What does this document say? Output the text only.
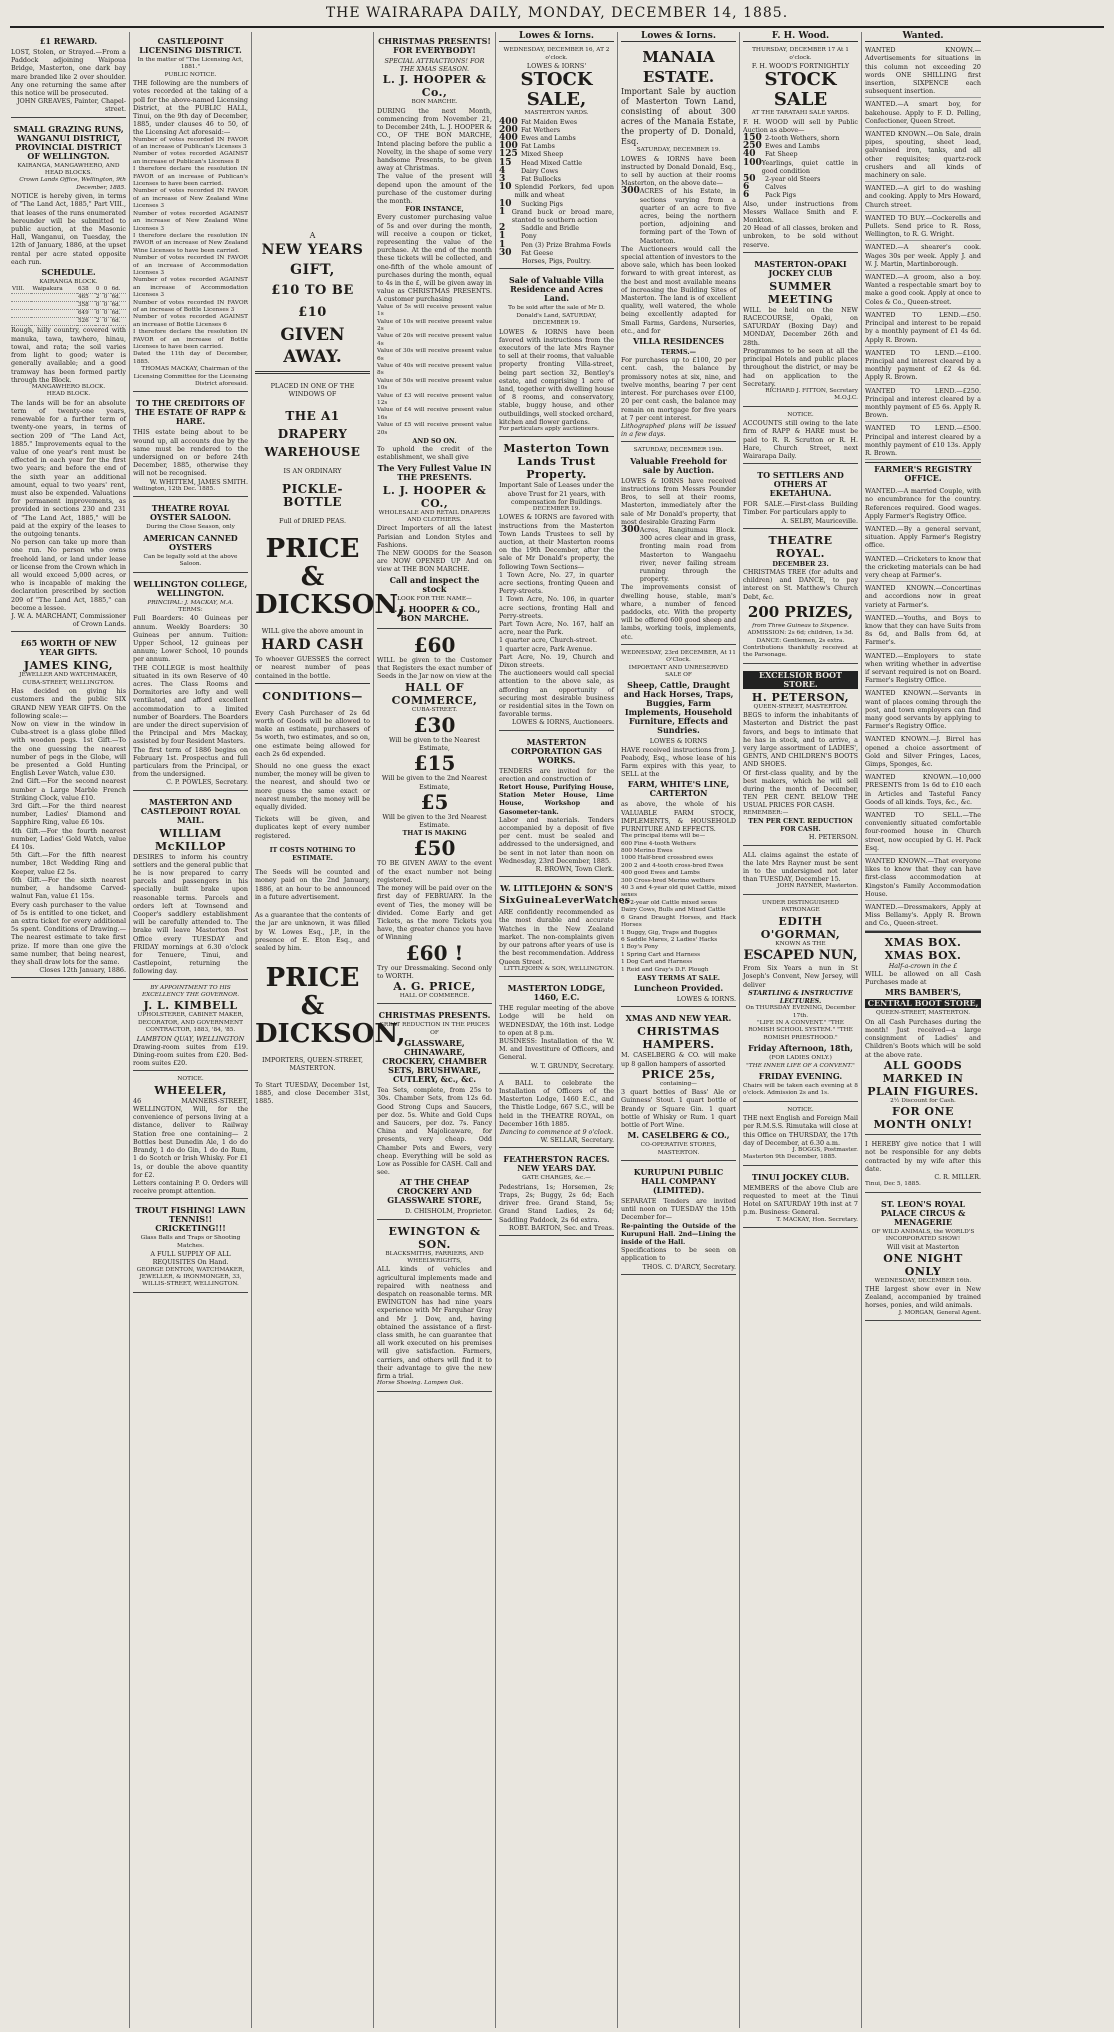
THE WAIRARAPA DAILY, MONDAY, DECEMBER 14, 1885.
£1 REWARD.
LOST, Stolen, or Strayed.—From a Paddock adjoining Waipoua Bridge, Masterton, one dark bay mare branded like 2 over shoulder. Any one returning the same after this notice will be prosecuted.
JOHN GREAVES, Painter, Chapel-street.
SMALL GRAZING RUNS, WANGANUI DISTRICT, PROVINCIAL DISTRICT OF WELLINGTON.
KAIRANGA, MANGAWHERO, AND HEAD BLOCKS.
Crown Lands Office, Wellington, 9th December, 1885.
NOTICE is hereby given, in terms of "The Land Act, 1885," Part VIII., that leases of the runs enumerated hereunder will be submitted to public auction, at the Masonic Hall, Wanganui, on Tuesday, the 12th of January, 1886, at the upset rental per acre stated opposite each run.
SCHEDULE.
KAIRANGA BLOCK.
VIII.	Waipakura	638	0	0	6d.
		465	2	0	6d.
		358	0	0	6d.
		649	0	0	6d.
		526	2	0	6d.
Rough, hilly country, covered with manuka, tawa, tawhero, hinau, towai, and rata; the soil varies from light to good; water is generally available; and a good tramway has been formed partly through the Block.
MANGAWHERO BLOCK.
HEAD BLOCK.
The lands will be for an absolute term of twenty-one years, renewable for a further term of twenty-one years, in terms of section 209 of "The Land Act, 1885." Improvements equal to the value of one year's rent must be effected in each year for the first two years; and before the end of the sixth year an additional amount, equal to two years' rent, must also be expended. Valuations for permanent improvements, as provided in sections 230 and 231 of "The Land Act, 1885," will be paid at the expiry of the leases to the outgoing tenants.
No person can take up more than one run. No person who owns freehold land, or land under lease or license from the Crown which in all would exceed 5,000 acres, or who is incapable of making the declaration prescribed by section 209 of "The Land Act, 1885," can become a lessee.
J. W. A. MARCHANT, Commissioner of Crown Lands.
£65 WORTH OF NEW YEAR GIFTS.
JAMES KING,
JEWELLER AND WATCHMAKER, CUBA-STREET, WELLINGTON.
Has decided on giving his customers and the public SIX GRAND NEW YEAR GIFTS. On the following scale:—
Now on view in the window in Cuba-street is a glass globe filled with wooden pegs. 1st Gift.—To the one guessing the nearest number of pegs in the Globe, will be presented a Gold Hunting English Lever Watch, value £30.
2nd Gift.—For the second nearest number a Large Marble French Striking Clock, value £10.
3rd Gift.—For the third nearest number, Ladies' Diamond and Sapphire Ring, value £6 10s.
4th Gift.—For the fourth nearest number, Ladies' Gold Watch, value £4 10s.
5th Gift.—For the fifth nearest number, 18ct Wedding Ring and Keeper, value £2 5s.
6th Gift.—For the sixth nearest number, a handsome Carved-walnut Fan, value £1 15s.
Every cash purchaser to the value of 5s is entitled to one ticket, and an extra ticket for every additional 5s spent. Conditions of Drawing.—The nearest estimate to take first prize. If more than one give the same number, that being nearest, they shall draw lots for the same.
Closes 12th January, 1886.
CASTLEPOINT LICENSING DISTRICT.
In the matter of "The Licensing Act, 1881."
PUBLIC NOTICE.
THE following are the numbers of votes recorded at the taking of a poll for the above-named Licensing District, at the PUBLIC HALL, Tinui, on the 9th day of December, 1885, under clauses 46 to 50, of the Licensing Act aforesaid:—
Number of votes recorded IN FAVOR of an increase of Publican's Licenses 3
Number of votes recorded AGAINST an increase of Publican's Licenses 8
I therefore declare the resolution IN FAVOR of an increase of Publican's Licenses to have been carried.
Number of votes recorded IN FAVOR of an increase of New Zealand Wine Licenses 3
Number of votes recorded AGAINST an increase of New Zealand Wine Licenses 3
I therefore declare the resolution IN FAVOR of an increase of New Zealand Wine Licenses to have been carried.
Number of votes recorded IN FAVOR of an increase of Accommodation Licenses 3
Number of votes recorded AGAINST an increase of Accommodation Licenses 3
Number of votes recorded IN FAVOR of an increase of Bottle Licenses 3
Number of votes recorded AGAINST an increase of Bottle Licenses 6
I therefore declare the resolution IN FAVOR of an increase of Bottle Licenses to have been carried.
Dated the 11th day of December, 1885.
THOMAS MACKAY, Chairman of the Licensing Committee for the Licensing District aforesaid.
TO THE CREDITORS OF THE ESTATE OF RAPP & HARE.
THIS estate being about to be wound up, all accounts due by the same must be rendered to the undersigned on or before 24th December, 1885, otherwise they will not be recognised.
W. WHITTEM, JAMES SMITH.
Wellington, 12th Dec. 1885.
THEATRE ROYAL OYSTER SALOON.
During the Close Season, only
AMERICAN CANNED OYSTERS
Can be legally sold at the above Saloon.
WELLINGTON COLLEGE, WELLINGTON.
PRINCIPAL: J. MACKAY, M.A.
TERMS:
Full Boarders: 40 Guineas per annum. Weekly Boarders: 30 Guineas per annum. Tuition: Upper School, 12 guineas per annum; Lower School, 10 pounds per annum.
THE COLLEGE is most healthily situated in its own Reserve of 40 acres. The Class Rooms and Dormitories are lofty and well ventilated, and afford excellent accommodation to a limited number of Boarders. The Boarders are under the direct supervision of the Principal and Mrs Mackay, assisted by four Resident Masters.
The first term of 1886 begins on February 1st. Prospectus and full particulars from the Principal, or from the undersigned.
C. P. POWLES, Secretary.
MASTERTON AND CASTLEPOINT ROYAL MAIL.
WILLIAM McKILLOP
DESIRES to inform his country settlers and the general public that he is now prepared to carry parcels and passengers in his specially built brake upon reasonable terms. Parcels and orders left at Townsend and Cooper's saddlery establishment will be carefully attended to. The brake will leave Masterton Post Office every TUESDAY and FRIDAY mornings at 6.30 o'clock for Tenuere, Tinui, and Castlepoint, returning the following day.
BY APPOINTMENT TO HIS EXCELLENCY THE GOVERNOR.
J. L. KIMBELL
UPHOLSTERER, CABINET MAKER, DECORATOR, AND GOVERNMENT CONTRACTOR, 1883, '84, '85.
LAMBTON QUAY, WELLINGTON
Drawing-room suites from £19. Dining-room suites from £20. Bed-room suites £20.
NOTICE.
WHEELER,
46 MANNERS-STREET, WELLINGTON, Will, for the convenience of persons living at a distance, deliver to Railway Station free one containing— 2 Bottles best Dunedin Ale, 1 do do Brandy, 1 do do Gin, 1 do do Rum, 1 do Scotch or Irish Whisky. For £1 1s, or double the above quantity for £2.
Letters containing P. O. Orders will receive prompt attention.
TROUT FISHING! LAWN TENNIS!! CRICKETING!!!
Glass Balls and Traps or Shooting Matches.
A FULL SUPPLY OF ALL REQUISITES On Hand.
GEORGE DENTON, WATCHMAKER, JEWELLER, & IRONMONGER, 33, WILLIS-STREET, WELLINGTON.
A
NEW YEARS GIFT,
£10 TO BE £10
GIVEN AWAY.
PLACED IN ONE OF THE WINDOWS OF
THE A1 DRAPERY WAREHOUSE
IS AN ORDINARY
PICKLE-BOTTLE
Full of DRIED PEAS.
PRICE
&
DICKSON,
WILL give the above amount in
HARD CASH
To whoever GUESSES the correct or nearest number of peas contained in the bottle.
CONDITIONS—
Every Cash Purchaser of 2s 6d worth of Goods will be allowed to make an estimate, purchasers of 5s worth, two estimates, and so on, one estimate being allowed for each 2s 6d expended.
Should no one guess the exact number, the money will be given to the nearest, and should two or more guess the same exact or nearest number, the money will be equally divided.
Tickets will be given, and duplicates kept of every number registered.
IT COSTS NOTHING TO ESTIMATE.
The Seeds will be counted and money paid on the 2nd January, 1886, at an hour to be announced in a future advertisement.
As a guarantee that the contents of the jar are unknown, it was filled by W. Lowes Esq., J.P., in the presence of E. Eton Esq., and sealed by him.
PRICE
&
DICKSON,
IMPORTERS, QUEEN-STREET, MASTERTON.
To Start TUESDAY, December 1st, 1885, and close December 31st, 1885.
CHRISTMAS PRESENTS! FOR EVERYBODY!
SPECIAL ATTRACTIONS! FOR THE XMAS SEASON.
L. J. HOOPER & Co.,
BON MARCHE.
DURING the next Month, commencing from November 21, to December 24th, L. J. HOOPER & CO., OF THE BON MARCHE, Intend placing before the public a Novelty, in the shape of some very handsome Presents, to be given away at Christmas.
The value of the present will depend upon the amount of the purchase of the customer during the month.
FOR INSTANCE,
Every customer purchasing value of 5s and over during the month, will receive a coupon or ticket, representing the value of the purchase. At the end of the month these tickets will be collected, and one-fifth of the whole amount of purchases during the month, equal to 4s in the £, will be given away in value as CHRISTMAS PRESENTS. A customer purchasing
Value of 5s will receive present value 1s
Value of 10s will receive present value 2s
Value of 20s will receive present value 4s
Value of 30s will receive present value 6s
Value of 40s will receive present value 8s
Value of 50s will receive present value 10s
Value of £3 will receive present value 12s
Value of £4 will receive present value 16s
Value of £5 will receive present value 20s
AND SO ON.
To uphold the credit of the establishment, we shall give
The Very Fullest Value IN THE PRESENTS.
L. J. HOOPER & CO.,
WHOLESALE AND RETAIL DRAPERS AND CLOTHIERS.
Direct Importers of all the latest Parisian and London Styles and Fashions.
The NEW GOODS for the Season are NOW OPENED UP And on view at THE BON MARCHE.
Call and inspect the stock
LOOK FOR THE NAME—
L. J. HOOPER & CO., BON MARCHE.
£60
WILL be given to the Customer that Registers the exact number of Seeds in the Jar now on view at the
HALL OF COMMERCE,
CUBA-STREET.
£30
Will be given to the Nearest Estimate,
£15
Will be given to the 2nd Nearest Estimate,
£5
Will be given to the 3rd Nearest Estimate.
THAT IS MAKING
£50
TO BE GIVEN AWAY to the event of the exact number not being registered.
The money will be paid over on the first day of FEBRUARY. In the event of Ties, the money will be divided. Come Early and get Tickets, as the more Tickets you have, the greater chance you have of Winning
£60 !
Try our Dressmaking. Second only to WORTH.
A. G. PRICE,
HALL OF COMMERCE.
CHRISTMAS PRESENTS.
GREAT REDUCTION IN THE PRICES OF
GLASSWARE, CHINAWARE, CROCKERY, CHAMBER SETS, BRUSHWARE, CUTLERY, &c., &c.
Tea Sets, complete, from 25s to 30s. Chamber Sets, from 12s 6d. Good Strong Cups and Saucers, per doz. 5s. White and Gold Cups and Saucers, per doz. 7s. Fancy China and Majolicaware, for presents, very cheap. Odd Chamber Pots and Ewers, very cheap. Everything will be sold as Low as Possible for CASH. Call and see.
AT THE CHEAP CROCKERY AND GLASSWARE STORE,
D. CHISHOLM, Proprietor.
EWINGTON & SON.
BLACKSMITHS, FARRIERS, AND WHEELWRIGHTS,
ALL kinds of vehicles and agricultural implements made and repaired with neatness and despatch on reasonable terms. MR EWINGTON has had nine years experience with Mr Farquhar Gray and Mr J. Dow, and, having obtained the assistance of a first-class smith, he can guarantee that all work executed on his premises will give satisfaction. Farmers, carriers, and others will find it to their advantage to give the new firm a trial.
Horse Shoeing. Lampen Oak.
Lowes & Iorns.
WEDNESDAY, DECEMBER 16, AT 2 o'clock.
LOWES & IORNS'
STOCK SALE,
MASTERTON YARDS.
400 Fat Maiden Ewes
200 Fat Wethers
400 Ewes and Lambs
100 Fat Lambs
125 Mixed Sheep
15	Head Mixed Cattle
4	Dairy Cows
3	Fat Bullocks
10 Splendid Porkers, fed upon milk and wheat
10	Sucking Pigs
1	Grand buck or broad mare, stanted to southern action
2	Saddle and Bridle
1	Pony
1	Pen (3) Prize Brahma Fowls
30	Fat Geese
Horses, Pigs, Poultry.
Sale of Valuable Villa Residence and Acres Land.
To be sold after the sale of Mr D. Donald's Land, SATURDAY, DECEMBER 19.
LOWES & IORNS have been favored with instructions from the executors of the late Mrs Rayner to sell at their rooms, that valuable property fronting Villa-street, being part section 32, Bentley's estate, and comprising 1 acre of land, together with dwelling house of 8 rooms, and conservatory, stable, buggy house, and other outbuildings, well stocked orchard, kitchen and flower gardens.
For particulars apply auctioneers.
Masterton Town Lands Trust Property.
Important Sale of Leases under the above Trust for 21 years, with compensation for Buildings.
DECEMBER 19.
LOWES & IORNS are favored with instructions from the Masterton Town Lands Trustees to sell by auction, at their Masterton rooms on the 19th December, after the sale of Mr Donald's property, the following Town Sections—
1 Town Acre, No. 27, in quarter acre sections, fronting Queen and Perry-streets.
1 Town Acre, No. 106, in quarter acre sections, fronting Hall and Perry-streets.
Part Town Acre, No. 167, half an acre, near the Park.
1 quarter acre, Church-street.
1 quarter acre, Park Avenue.
Part Acre, No. 19, Church and Dixon streets.
The auctioneers would call special attention to the above sale, as affording an opportunity of securing most desirable business or residential sites in the Town on favorable terms.
LOWES & IORNS, Auctioneers.
MASTERTON CORPORATION GAS WORKS.
TENDERS are invited for the erection and construction of
Retort House, Purifying House, Station Meter House, Lime House, Workshop and Gasometer-tank.
Labor and materials. Tenders accompanied by a deposit of five per cent. must be sealed and addressed to the undersigned, and be sent in not later than noon on Wednesday, 23rd December, 1885.
R. BROWN, Town Clerk.
W. LITTLEJOHN & SON'S
SixGuineaLeverWatches
ARE confidently recommended as the most durable and accurate Watches in the New Zealand market. The non-complaints given by our patrons after years of use is the best recommendation. Address Queen Street.
LITTLEJOHN & SON, WELLINGTON.
MASTERTON LODGE, 1460, E.C.
THE regular meeting of the above Lodge will be held on WEDNESDAY, the 16th inst. Lodge to open at 8 p.m.
BUSINESS: Installation of the W. M. and Investiture of Officers, and General.
W. T. GRUNDY, Secretary.
A BALL to celebrate the Installation of Officers of the Masterton Lodge, 1460 E.C., and the Thistle Lodge, 667 S.C., will be held in the THEATRE ROYAL, on December 16th 1885.
Dancing to commence at 9 o'clock.
W. SELLAR, Secretary.
FEATHERSTON RACES. NEW YEARS DAY.
GATE CHARGES, &c.—
Pedestrians, 1s; Horsemen, 2s; Traps, 2s; Buggy, 2s 6d; Each driver free. Grand Stand, 5s; Grand Stand Ladies, 2s 6d; Saddling Paddock, 2s 6d extra.
ROBT. BARTON, Sec. and Treas.
Lowes & Iorns.
MANAIA ESTATE.
Important Sale by auction of Masterton Town Land, consisting of about 300 acres of the Manaia Estate, the property of D. Donald, Esq.
SATURDAY, DECEMBER 19.
LOWES & IORNS have been instructed by Donald Donald, Esq., to sell by auction at their rooms Masterton, on the above date—
300 ACRES of his Estate, in sections varying from a quarter of an acre to five acres, being the northern portion, adjoining and forming part of the Town of Masterton.
The Auctioneers would call the special attention of investors to the above sale, which has been looked forward to with great interest, as the best and most available means of increasing the Building Sites of Masterton. The land is of excellent quality, well watered, the whole being excellently adapted for Small Farms, Gardens, Nurseries, etc., and for
VILLA RESIDENCES
TERMS.—
For purchases up to £100, 20 per cent. cash, the balance by promissory notes at six, nine, and twelve months, bearing 7 per cent interest. For purchases over £100, 20 per cent cash, the balance may remain on mortgage for five years at 7 per cent interest.
Lithographed plans will be issued in a few days.
SATURDAY, DECEMBER 19th.
Valuable Freehold for sale by Auction.
LOWES & IORNS have received instructions from Messrs Pounder Bros, to sell at their rooms, Masterton, immediately after the sale of Mr Donald's property, that most desirable Grazing Farm
300 Acres, Rangitumau Block. 300 acres clear and in grass, fronting main road from Masterton to Wangaehu river, never failing stream running through the property.
The improvements consist of dwelling house, stable, man's whare, a number of fenced paddocks, etc. With the property will be offered 600 good sheep and lambs, working tools, implements, etc.
WEDNESDAY, 23rd DECEMBER, At 11 O'Clock.
IMPORTANT AND UNRESERVED SALE OF
Sheep, Cattle, Draught and Hack Horses, Traps, Buggies, Farm Implements, Household Furniture, Effects and Sundries.
LOWES & IORNS
HAVE received instructions from J. Peabody, Esq., whose lease of his Farm expires with this year, to SELL at the
FARM, WHITE'S LINE, CARTERTON
as above, the whole of his VALUABLE FARM STOCK, IMPLEMENTS, & HOUSEHOLD FURNITURE AND EFFECTS.
The principal items will be—
600 Fine 4-tooth Wethers
800 Merino Ewes
1000 Half-bred crossbred ewes
200 2 and 4-tooth cross-bred Ewes
400 good Ewes and Lambs
300 Cross-bred Merino wethers
40 3 and 4-year old quiet Cattle, mixed sexes
20 2-year old Cattle mixed sexes
Dairy Cows, Bulls and Mixed Cattle
6 Grand Draught Horses, and Hack Horses
1 Buggy, Gig, Traps and Buggies
6 Saddle Mares, 2 Ladies' Hacks
1 Boy's Pony
1 Spring Cart and Harness
1 Dog Cart and Harness
1 Reid and Gray's D.F. Plough
EASY TERMS AT SALE.
Luncheon Provided.
LOWES & IORNS.
XMAS AND NEW YEAR.
CHRISTMAS HAMPERS.
M. CASELBERG & CO. will make up 8 gallon hampers of assorted
PRICE 25s,
containing—
3 quart bottles of Bass' Ale or Guinness' Stout. 1 quart bottle of Brandy or Square Gin. 1 quart bottle of Whisky or Rum. 1 quart bottle of Port Wine.
M. CASELBERG & CO.,
CO-OPERATIVE STORES, MASTERTON.
KURUPUNI PUBLIC HALL COMPANY (LIMITED).
SEPARATE Tenders are invited until noon on TUESDAY the 15th December for—
Re-painting the Outside of the Kurupuni Hall. 2nd—Lining the inside of the Hall.
Specifications to be seen on application to
THOS. C. D'ARCY, Secretary.
F. H. Wood.
THURSDAY, DECEMBER 17 At 1 o'clock.
F. H. WOOD'S FORTNIGHTLY
STOCK SALE
AT THE TARATAHI SALE YARDS.
F. H. WOOD will sell by Public Auction as above—
150 2-tooth Wethers, shorn
250 Ewes and Lambs
40	Fat Sheep
100 Yearlings, quiet cattle in good condition
50	2-year old Steers
6	Calves
6	Pack Pigs
Also, under instructions from Messrs Wallace Smith and F. Monkton.
20 Head of all classes, broken and unbroken, to be sold without reserve.
MASTERTON-OPAKI JOCKEY CLUB
SUMMER MEETING
WILL be held on the NEW RACECOURSE, Opaki, on SATURDAY (Boxing Day) and MONDAY, December 26th and 28th.
Programmes to be seen at all the principal Hotels and public places throughout the district, or may be had on application to the Secretary.
RICHARD J. FITTON, Secretary M.O.J.C.
NOTICE.
ACCOUNTS still owing to the late firm of RAPP & HARE must be paid to R. R. Scrutton or R. H. Hare, Church Street, next Wairarapa Daily.
TO SETTLERS AND OTHERS AT EKETAHUNA.
FOR SALE.—First-class Building Timber. For particulars apply to
A. SELBY, Mauriceville.
THEATRE ROYAL.
DECEMBER 23.
CHRISTMAS TREE (for adults and children) and DANCE, to pay interest on St. Matthew's Church Debt, &c.
200 PRIZES,
from Three Guineas to Sixpence.
ADMISSION: 2s 6d; children, 1s 3d.
DANCE: Gentlemen, 2s extra.
Contributions thankfully received at the Parsonage.
EXCELSIOR BOOT STORE.
H. PETERSON,
QUEEN-STREET, MASTERTON.
BEGS to inform the inhabitants of Masterton and District the past favors, and begs to intimate that he has in stock, and to arrive, a very large assortment of LADIES', GENTS, AND CHILDREN'S BOOTS AND SHOES.
Of first-class quality, and by the best makers, which he will sell during the month of December, TEN PER CENT. BELOW THE USUAL PRICES FOR CASH.
REMEMBER:—
TEN PER CENT. REDUCTION FOR CASH.
H. PETERSON.
ALL claims against the estate of the late Mrs Rayner must be sent in to the undersigned not later than TUESDAY, December 15.
JOHN RAYNER, Masterton.
UNDER DISTINGUISHED PATRONAGE
EDITH O'GORMAN,
KNOWN AS THE
ESCAPED NUN,
From Six Years a nun in St Joseph's Convent, New Jersey, will deliver
STARTLING & INSTRUCTIVE LECTURES.
On THURSDAY EVENING, December 17th.
"LIFE IN A CONVENT." "THE ROMISH SCHOOL SYSTEM." "THE ROMISH PRIESTHOOD."
Friday Afternoon, 18th,
(FOR LADIES ONLY.)
"THE INNER LIFE OF A CONVENT."
FRIDAY EVENING.
Chairs will be taken each evening at 8 o'clock. Admission 2s and 1s.
NOTICE.
THE next English and Foreign Mail per R.M.S.S. Rimutaka will close at this Office on THURSDAY, the 17th day of December, at 6.30 a.m.
J. BOGGS, Postmaster.
Masterton 9th December, 1885.
TINUI JOCKEY CLUB.
MEMBERS of the above Club are requested to meet at the Tinui Hotel on SATURDAY 19th inst at 7 p.m. Business: General.
T. MACKAY, Hon. Secretary.
Wanted.
WANTED KNOWN.—Advertisements for situations in this column not exceeding 20 words ONE SHILLING first insertion, SIXPENCE each subsequent insertion.
WANTED.—A smart boy, for bakehouse. Apply to F. D. Pelling, Confectioner, Queen Street.
WANTED KNOWN.—On Sale, drain pipes, spouting, sheet lead, galvanised iron, tanks, and all other requisites; quartz-rock crushers and all kinds of machinery on sale.
WANTED.—A girl to do washing and cooking. Apply to Mrs Howard, Church street.
WANTED TO BUY.—Cockerells and Pullets. Send price to R. Ross, Wellington, to R. G. Wright.
WANTED.—A shearer's cook. Wages 30s per week. Apply J. and W. J. Martin, Martinborough.
WANTED.—A groom, also a boy. Wanted a respectable smart boy to make a good cook. Apply at once to Coles & Co., Queen-street.
WANTED TO LEND.—£50. Principal and interest to be repaid by a monthly payment of £1 4s 6d. Apply R. Brown.
WANTED TO LEND.—£100. Principal and interest cleared by a monthly payment of £2 4s 6d. Apply R. Brown.
WANTED TO LEND.—£250. Principal and interest cleared by a monthly payment of £5 6s. Apply R. Brown.
WANTED TO LEND.—£500. Principal and interest cleared by a monthly payment of £10 13s. Apply R. Brown.
FARMER'S REGISTRY OFFICE.
WANTED.—A married Couple, with no encumbrance for the country. References required. Good wages. Apply Farmer's Registry Office.
WANTED.—By a general servant, situation. Apply Farmer's Registry office.
WANTED.—Cricketers to know that the cricketing materials can be had very cheap at Farmer's.
WANTED KNOWN.—Concertinas and accordions now in great variety at Farmer's.
WANTED.—Youths, and Boys to know that they can have Suits from 8s 6d, and Balls from 6d, at Farmer's.
WANTED.—Employers to state when writing whether in advertise if servant required is not on Board. Farmer's Registry Office.
WANTED KNOWN.—Servants in want of places coming through the post, and town employers can find many good servants by applying to Farmer's Registry Office.
WANTED KNOWN.—J. Birrel has opened a choice assortment of Gold and Silver Fringes, Laces, Gimps, Sponges, &c.
WANTED KNOWN.—10,000 PRESENTS from 1s 6d to £10 each in Articles and Tasteful Fancy Goods of all kinds. Toys, &c., &c.
WANTED TO SELL.—The conveniently situated comfortable four-roomed house in Church street, now occupied by G. H. Pack Esq.
WANTED KNOWN.—That everyone likes to know that they can have first-class accommodation at Kingston's Family Accommodation House.
WANTED.—Dressmakers, Apply at Miss Bellamy's. Apply R. Brown and Co., Queen-street.
XMAS BOX. XMAS BOX.
Half-a-crown in the £
WILL be allowed on all Cash Purchases made at
MRS BAMBER'S,
CENTRAL BOOT STORE,
QUEEN-STREET, MASTERTON.
On all Cash Purchases during the month! Just received—a large consignment of Ladies' and Children's Boots which will be sold at the above rate.
ALL GOODS MARKED IN PLAIN FIGURES.
2½ Discount for Cash.
FOR ONE MONTH ONLY!
I HEREBY give notice that I will not be responsible for any debts contracted by my wife after this date.
C. R. MILLER.
Tinui, Dec 5, 1885.
ST. LEON'S ROYAL PALACE CIRCUS & MENAGERIE
OF WILD ANIMALS, the WORLD'S INCORPORATED SHOW!
Will visit at Masterton
ONE NIGHT ONLY
WEDNESDAY, DECEMBER 16th.
THE largest show ever in New Zealand, accompanied by trained horses, ponies, and wild animals.
J. MORGAN, General Agent.
